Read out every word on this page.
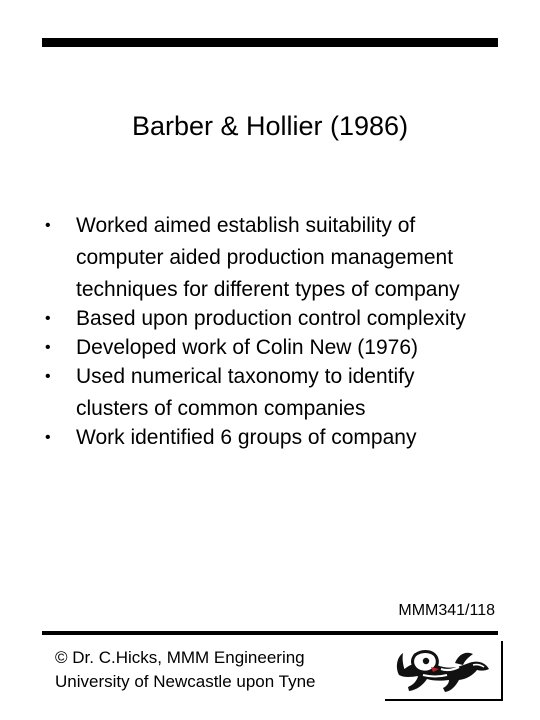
Barber & Hollier (1986)
•	Worked aimed establish suitability of computer aided production management techniques for different types of company
•	Based upon production control complexity
•	Developed work of Colin New (1976)
•	Used numerical taxonomy to identify clusters of common companies
•	Work identified 6 groups of company
MMM341/118
© Dr. C.Hicks, MMM Engineering
University of Newcastle upon Tyne
